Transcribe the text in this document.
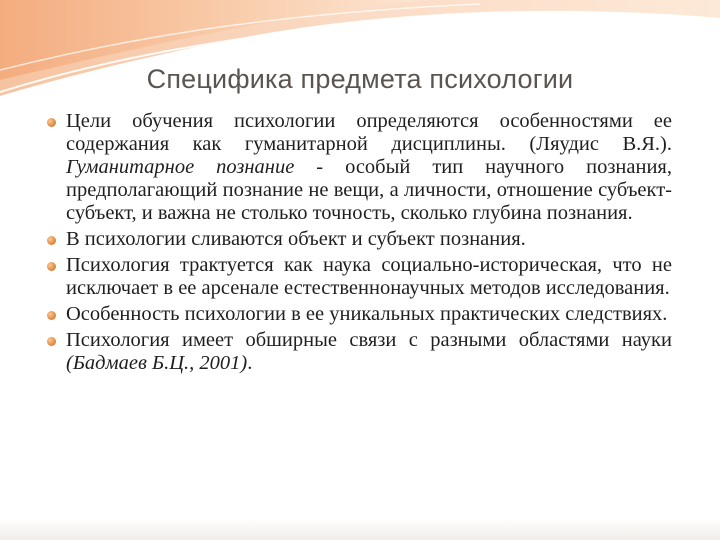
Специфика предмета психологии
Цели обучения психологии определяются особенностями ее содержания как гуманитарной дисциплины. (Ляудис В.Я.). Гуманитарное познание - особый тип научного познания, предполагающий познание не вещи, а личности, отношение субъект-субъект, и важна не столько точность, сколько глубина познания.
В психологии сливаются объект и субъект познания.
Психология трактуется как наука социально-историческая, что не исключает в ее арсенале естественнонаучных методов исследования.
Особенность психологии в ее уникальных практических следствиях.
Психология имеет обширные связи с разными областями науки (Бадмаев Б.Ц., 2001).
